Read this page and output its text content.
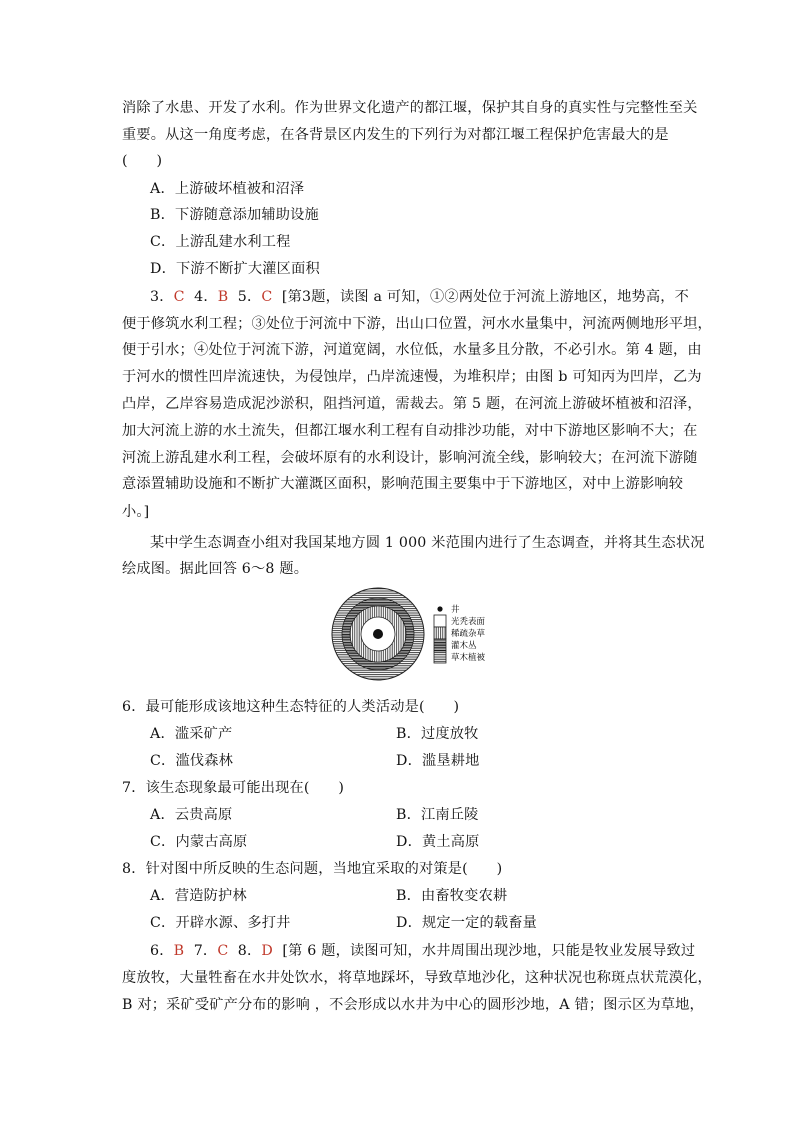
消除了水患、开发了水利。作为世界文化遗产的都江堰，保护其自身的真实性与完整性至关
重要。从这一角度考虑，在各背景区内发生的下列行为对都江堰工程保护危害最大的是
(　　)
A．上游破坏植被和沼泽
B．下游随意添加辅助设施
C．上游乱建水利工程
D．下游不断扩大灌区面积
3．C 4．B 5．C [第3题，读图 a 可知，①②两处位于河流上游地区，地势高，不
便于修筑水利工程；③处位于河流中下游，出山口位置，河水水量集中，河流两侧地形平坦，
便于引水；④处位于河流下游，河道宽阔，水位低，水量多且分散，不必引水。第 4 题，由
于河水的惯性凹岸流速快，为侵蚀岸，凸岸流速慢，为堆积岸；由图 b 可知丙为凹岸，乙为
凸岸，乙岸容易造成泥沙淤积，阻挡河道，需裁去。第 5 题，在河流上游破坏植被和沼泽，
加大河流上游的水土流失，但都江堰水利工程有自动排沙功能，对中下游地区影响不大；在
河流上游乱建水利工程，会破坏原有的水利设计，影响河流全线，影响较大；在河流下游随
意添置辅助设施和不断扩大灌溉区面积，影响范围主要集中于下游地区，对中上游影响较
小。]
某中学生态调查小组对我国某地方圆 1 000 米范围内进行了生态调查，并将其生态状况
绘成图。据此回答 6～8 题。
井
光秃表面
稀疏杂草
灌木丛
草木植被
6．最可能形成该地这种生态特征的人类活动是(　　)
A．滥采矿产	B．过度放牧
C．滥伐森林	D．滥垦耕地
7．该生态现象最可能出现在(　　)
A．云贵高原	B．江南丘陵
C．内蒙古高原	D．黄土高原
8．针对图中所反映的生态问题，当地宜采取的对策是(　　)
A．营造防护林	B．由畜牧变农耕
C．开辟水源、多打井	D．规定一定的载畜量
6．B 7．C 8．D [第 6 题，读图可知，水井周围出现沙地，只能是牧业发展导致过
度放牧，大量牲畜在水井处饮水，将草地踩坏，导致草地沙化，这种状况也称斑点状荒漠化，
B 对；采矿受矿产分布的影响 ，不会形成以水井为中心的圆形沙地，A 错；图示区为草地，
